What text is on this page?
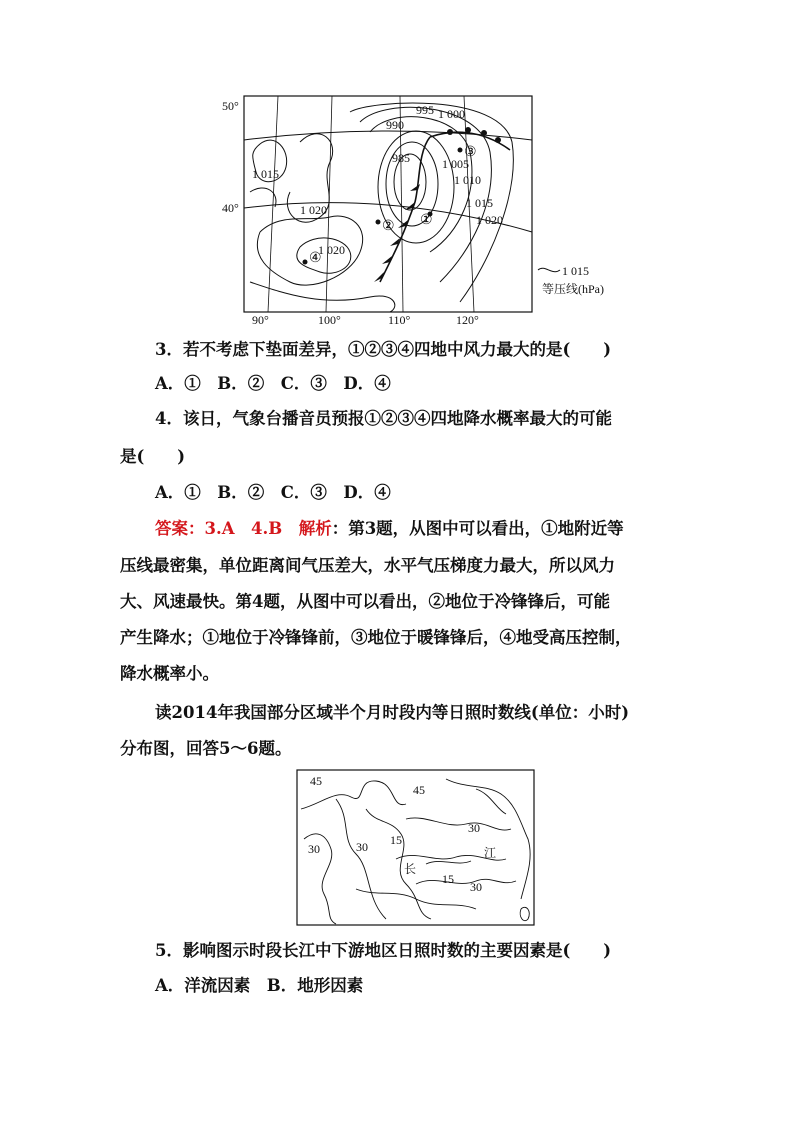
50°
40°
90°	100°	110°	120°
995 1 000
990
985	1 005
1 010
1 015
1 020
1 020
1 015
1 020
①
②
③
④
1 015
等压线(hPa)
3．若不考虑下垫面差异，①②③④四地中风力最大的是(　　)
A．①　B．②　C．③　D．④
4．该日，气象台播音员预报①②③④四地降水概率最大的可能
是(　　)
A．①　B．②　C．③　D．④
答案：3.A　4.B　解析：第3题，从图中可以看出，①地附近等
压线最密集，单位距离间气压差大，水平气压梯度力最大，所以风力
大、风速最快。第4题，从图中可以看出，②地位于冷锋锋后，可能
产生降水；①地位于冷锋锋前，③地位于暖锋锋后，④地受高压控制，
降水概率小。
读2014年我国部分区域半个月时段内等日照时数线(单位：小时)
分布图，回答5～6题。
45
45
30
15
30	30
15
30
江
长
5．影响图示时段长江中下游地区日照时数的主要因素是(　　)
A．洋流因素　B．地形因素
